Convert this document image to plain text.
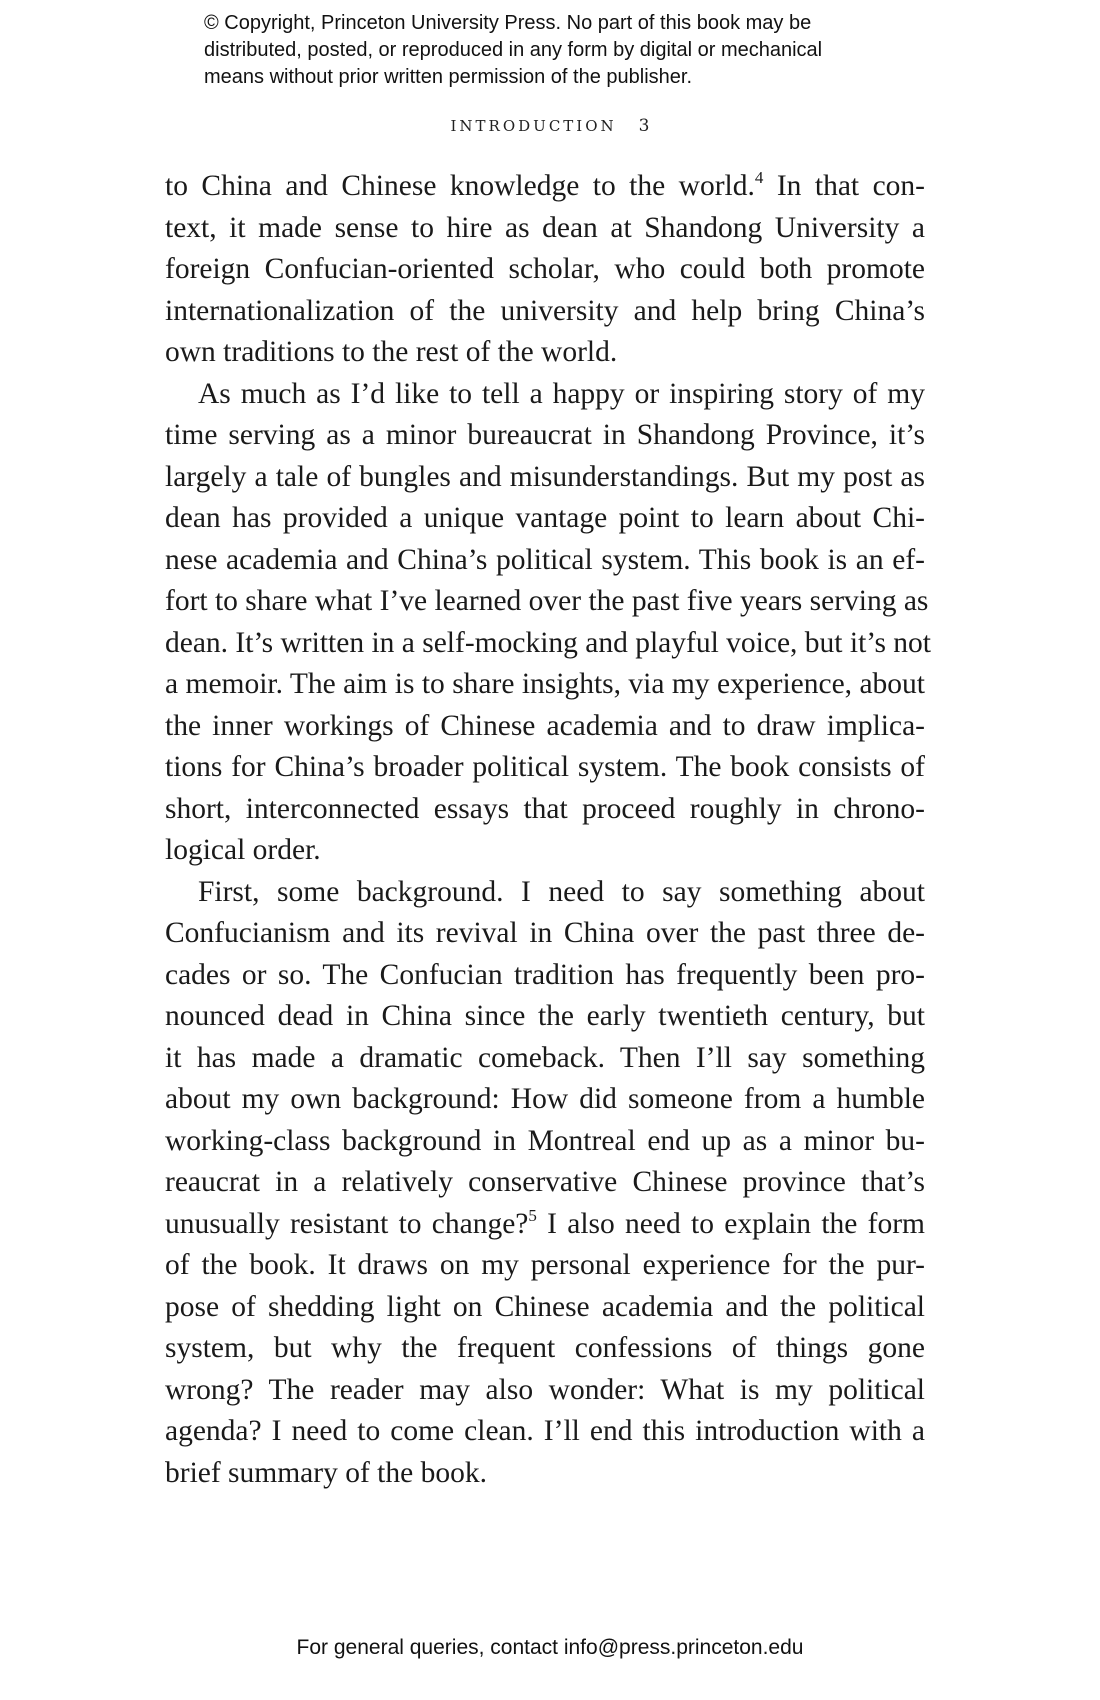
© Copyright, Princeton University Press. No part of this book may be
distributed, posted, or reproduced in any form by digital or mechanical
means without prior written permission of the publisher.
INTRODUCTION 3
to China and Chinese knowledge to the world.$^4$ In that con-
text, it made sense to hire as dean at Shandong University a
foreign Confucian-oriented scholar, who could both promote
internationalization of the university and help bring China’s
own traditions to the rest of the world.
As much as I’d like to tell a happy or inspiring story of my
time serving as a minor bureaucrat in Shandong Province, it’s
largely a tale of bungles and misunderstandings. But my post as
dean has provided a unique vantage point to learn about Chi-
nese academia and China’s political system. This book is an ef-
fort to share what I’ve learned over the past five years serving as
dean. It’s written in a self-mocking and playful voice, but it’s not
a memoir. The aim is to share insights, via my experience, about
the inner workings of Chinese academia and to draw implica-
tions for China’s broader political system. The book consists of
short, interconnected essays that proceed roughly in chrono-
logical order.
First, some background. I need to say something about
Confucianism and its revival in China over the past three de-
cades or so. The Confucian tradition has frequently been pro-
nounced dead in China since the early twentieth century, but
it has made a dramatic comeback. Then I’ll say something
about my own background: How did someone from a humble
working-class background in Montreal end up as a minor bu-
reaucrat in a relatively conservative Chinese province that’s
unusually resistant to change?$^5$ I also need to explain the form
of the book. It draws on my personal experience for the pur-
pose of shedding light on Chinese academia and the political
system, but why the frequent confessions of things gone
wrong? The reader may also wonder: What is my political
agenda? I need to come clean. I’ll end this introduction with a
brief summary of the book.
For general queries, contact info@press.princeton.edu
